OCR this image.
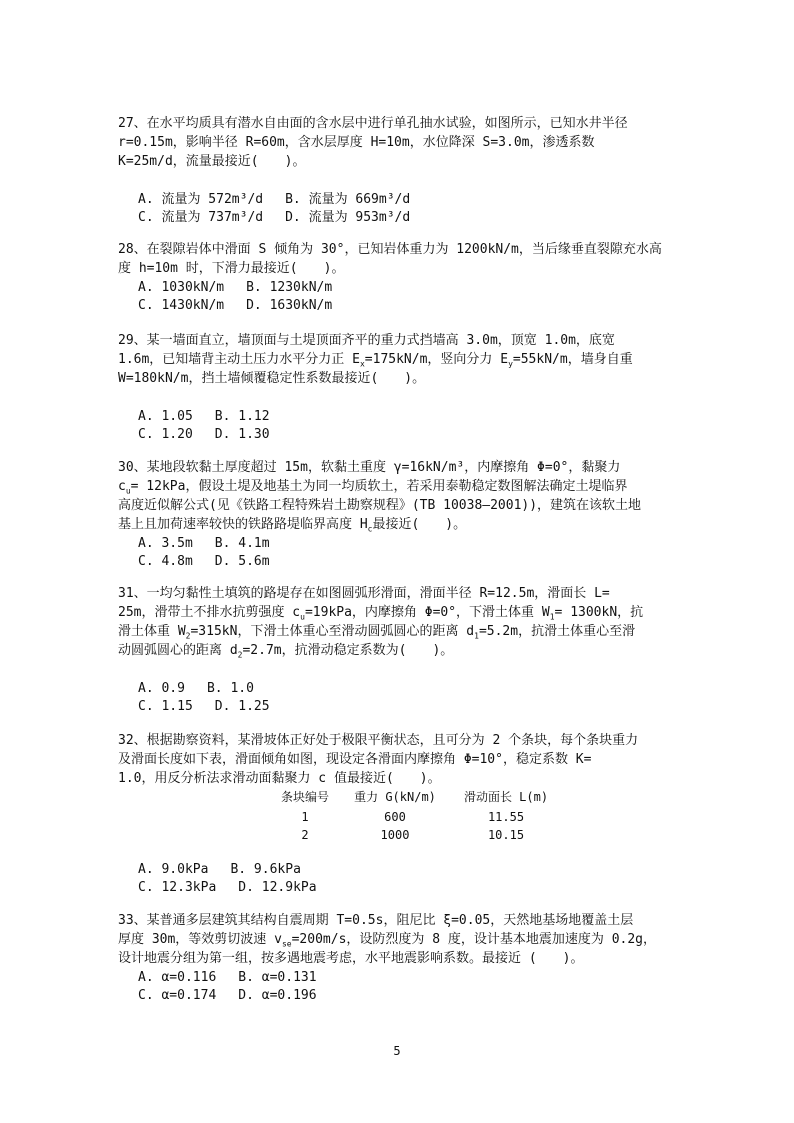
27、在水平均质具有潜水自由面的含水层中进行单孔抽水试验，如图所示，已知水井半径
r=0.15m，影响半径 R=60m，含水层厚度 H=10m，水位降深 S=3.0m，渗透系数
K=25m/d，流量最接近(　　)。
A. 流量为 572m³/d B. 流量为 669m³/d
C. 流量为 737m³/d D. 流量为 953m³/d
28、在裂隙岩体中滑面 S 倾角为 30°，已知岩体重力为 1200kN/m，当后缘垂直裂隙充水高
度 h=10m 时，下滑力最接近(　　)。
A. 1030kN/m B. 1230kN/m
C. 1430kN/m D. 1630kN/m
29、某一墙面直立，墙顶面与土堤顶面齐平的重力式挡墙高 3.0m，顶宽 1.0m，底宽
1.6m，已知墙背主动土压力水平分力正 $E_x=175kN/m$，竖向分力 $E_y=55kN/m$，墙身自重
W=180kN/m，挡土墙倾覆稳定性系数最接近(　　)。
A. 1.05 B. 1.12
C. 1.20 D. 1.30
30、某地段软黏土厚度超过 15m，软黏土重度 γ=16kN/m³，内摩擦角 Φ=0°，黏聚力
$c_u= 12kPa$，假设土堤及地基土为同一均质软土，若采用泰勒稳定数图解法确定土堤临界
高度近似解公式(见《铁路工程特殊岩土勘察规程》(TB 10038—2001))，建筑在该软土地
基上且加荷速率较快的铁路路堤临界高度 $H_c$最接近(　　)。
A. 3.5m B. 4.1m
C. 4.8m D. 5.6m
31、一均匀黏性土填筑的路堤存在如图圆弧形滑面，滑面半径 R=12.5m，滑面长 L=
25m，滑带土不排水抗剪强度 $c_u=19kPa$，内摩擦角 Φ=0°，下滑土体重 $W_1= 1300kN$，抗
滑土体重 $W_2=315kN$，下滑土体重心至滑动圆弧圆心的距离 $d_1=5.2m$，抗滑土体重心至滑
动圆弧圆心的距离 $d_2=2.7m$，抗滑动稳定系数为(　　)。
A. 0.9 B. 1.0
C. 1.15 D. 1.25
32、根据勘察资料，某滑坡体正好处于极限平衡状态，且可分为 2 个条块，每个条块重力
及滑面长度如下表，滑面倾角如图，现设定各滑面内摩擦角 Φ=10°，稳定系数 K=
1.0，用反分析法求滑动面黏聚力 c 值最接近(　　)。
条块编号	重力 G(kN/m)	滑动面长 L(m)
1	600	11.55
2	1000	10.15
A. 9.0kPa B. 9.6kPa
C. 12.3kPa D. 12.9kPa
33、某普通多层建筑其结构自震周期 T=0.5s，阻尼比 ξ=0.05，天然地基场地覆盖土层
厚度 30m，等效剪切波速 $v_{se}=200m/s$，设防烈度为 8 度，设计基本地震加速度为 0.2g，
设计地震分组为第一组，按多遇地震考虑，水平地震影响系数。最接近 (　　)。
A. α=0.116 B. α=0.131
C. α=0.174 D. α=0.196
5
